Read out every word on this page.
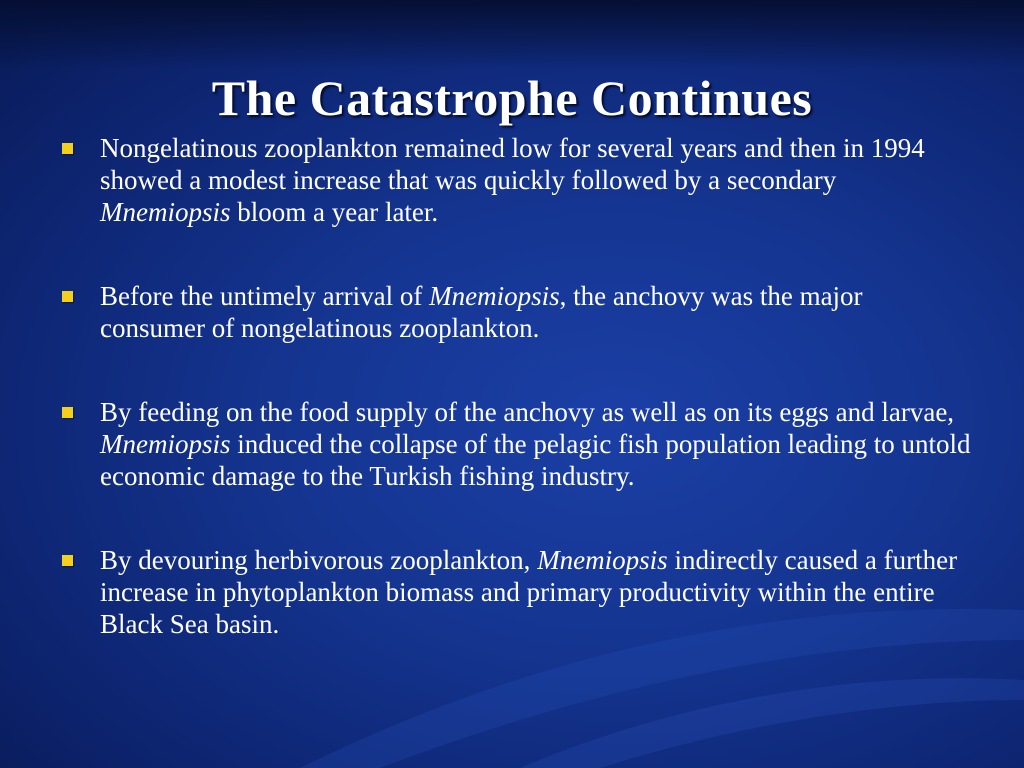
The Catastrophe Continues
Nongelatinous zooplankton remained low for several years and then in 1994 showed a modest increase that was quickly followed by a secondary Mnemiopsis bloom a year later.
Before the untimely arrival of Mnemiopsis, the anchovy was the major consumer of nongelatinous zooplankton.
By feeding on the food supply of the anchovy as well as on its eggs and larvae, Mnemiopsis induced the collapse of the pelagic fish population leading to untold economic damage to the Turkish fishing industry.
By devouring herbivorous zooplankton, Mnemiopsis indirectly caused a further increase in phytoplankton biomass and primary productivity within the entire Black Sea basin.
